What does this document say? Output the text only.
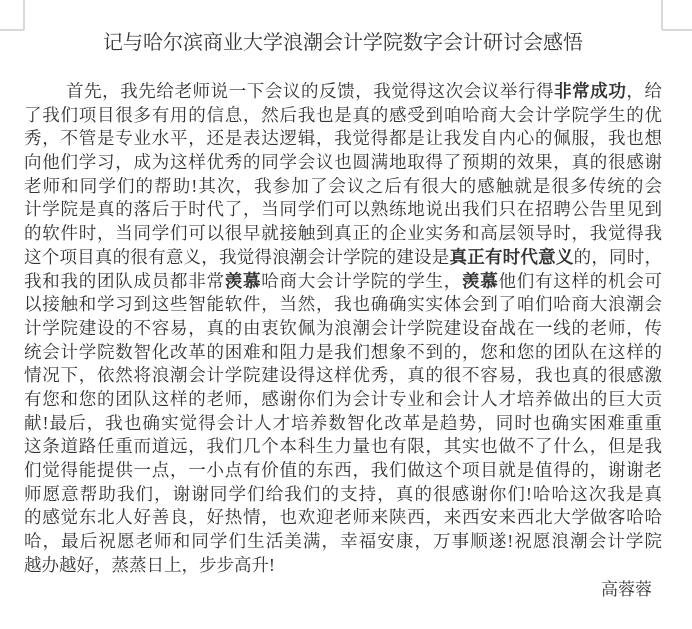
记与哈尔滨商业大学浪潮会计学院数字会计研讨会感悟
首先，我先给老师说一下会议的反馈，我觉得这次会议举行得非常成功，给
了我们项目很多有用的信息，然后我也是真的感受到咱哈商大会计学院学生的优
秀，不管是专业水平，还是表达逻辑，我觉得都是让我发自内心的佩服，我也想
向他们学习，成为这样优秀的同学会议也圆满地取得了预期的效果，真的很感谢
老师和同学们的帮助!其次，我参加了会议之后有很大的感触就是很多传统的会
计学院是真的落后于时代了，当同学们可以熟练地说出我们只在招聘公告里见到
的软件时，当同学们可以很早就接触到真正的企业实务和高层领导时，我觉得我
这个项目真的很有意义，我觉得浪潮会计学院的建设是真正有时代意义的，同时，
我和我的团队成员都非常羡慕哈商大会计学院的学生，羡慕他们有这样的机会可
以接触和学习到这些智能软件，当然，我也确确实实体会到了咱们哈商大浪潮会
计学院建设的不容易，真的由衷钦佩为浪潮会计学院建设奋战在一线的老师，传
统会计学院数智化改革的困难和阻力是我们想象不到的，您和您的团队在这样的
情况下，依然将浪潮会计学院建设得这样优秀，真的很不容易，我也真的很感激
有您和您的团队这样的老师，感谢你们为会计专业和会计人才培养做出的巨大贡
献!最后，我也确实觉得会计人才培养数智化改革是趋势，同时也确实困难重重
这条道路任重而道远，我们几个本科生力量也有限，其实也做不了什么，但是我
们觉得能提供一点，一小点有价值的东西，我们做这个项目就是值得的，谢谢老
师愿意帮助我们，谢谢同学们给我们的支持，真的很感谢你们!哈哈这次我是真
的感觉东北人好善良，好热情，也欢迎老师来陕西，来西安来西北大学做客哈哈
哈，最后祝愿老师和同学们生活美满，幸福安康，万事顺遂!祝愿浪潮会计学院
越办越好，蒸蒸日上，步步高升!
高蓉蓉
